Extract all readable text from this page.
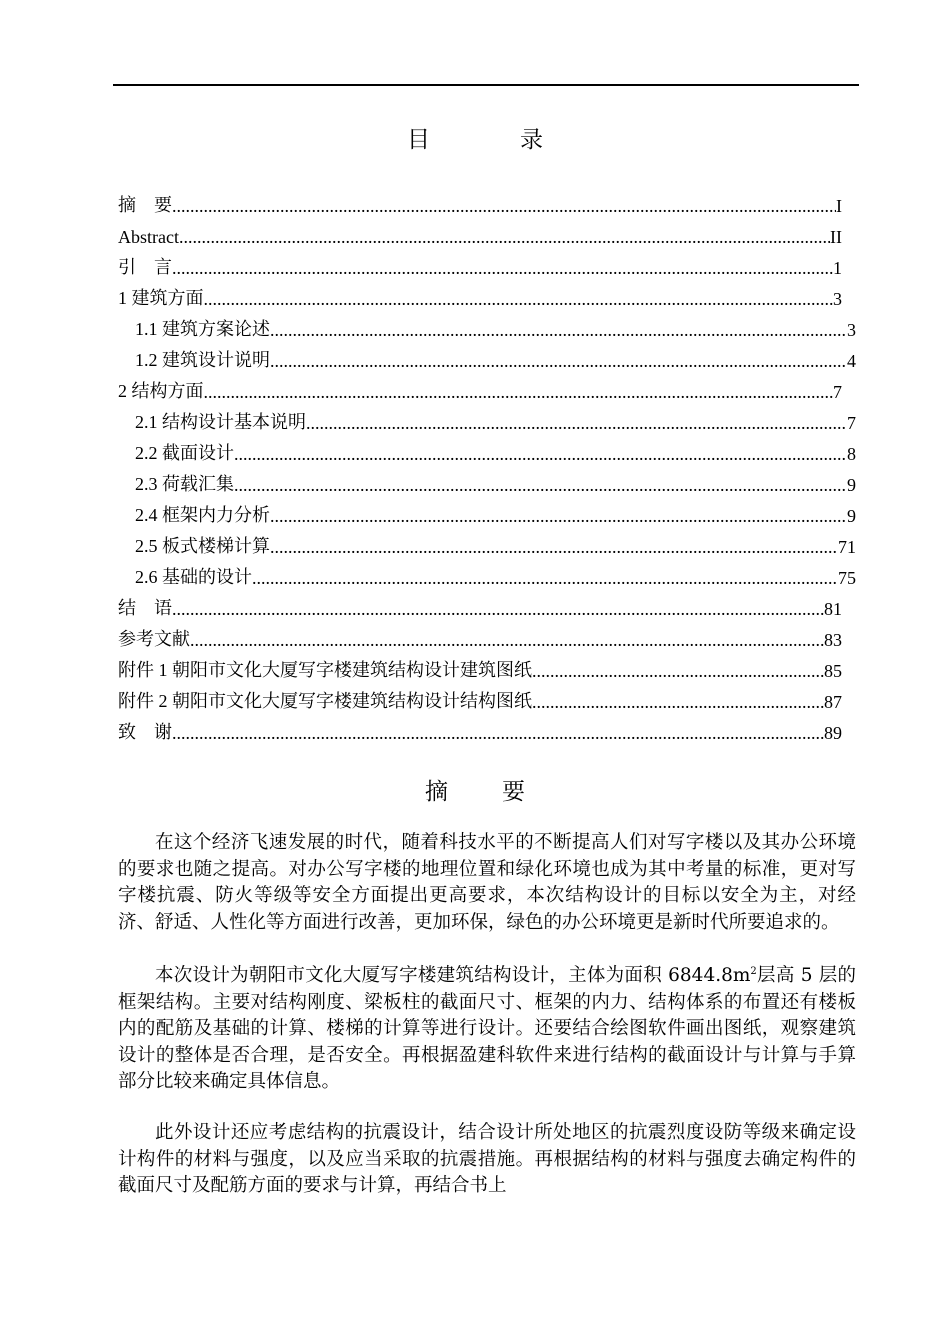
目	录
摘　要 .....	I
Abstract .....	II
引　言 .....	1
1 建筑方面 .....	3
1.1 建筑方案论述 .....	3
1.2 建筑设计说明 .....	4
2 结构方面 .....	7
2.1 结构设计基本说明 .....	7
2.2 截面设计 .....	8
2.3 荷载汇集 .....	9
2.4 框架内力分析 .....	9
2.5 板式楼梯计算 .....	71
2.6 基础的设计 .....	75
结　语 .....	81
参考文献 .....	83
附件 1 朝阳市文化大厦写字楼建筑结构设计建筑图纸 .....	85
附件 2 朝阳市文化大厦写字楼建筑结构设计结构图纸 .....	87
致　谢 .....	89
摘 要

在这个经济飞速发展的时代，随着科技水平的不断提高人们对写字楼以及其办公环境的要求也随之提高。对办公写字楼的地理位置和绿化环境也成为其中考量的标准，更对写字楼抗震、防火等级等安全方面提出更高要求，本次结构设计的目标以安全为主，对经济、舒适、人性化等方面进行改善，更加环保，绿色的办公环境更是新时代所要追求的。

本次设计为朝阳市文化大厦写字楼建筑结构设计，主体为面积 $6844.8m^2$层高 5 层的框架结构。主要对结构刚度、梁板柱的截面尺寸、框架的内力、结构体系的布置还有楼板内的配筋及基础的计算、楼梯的计算等进行设计。还要结合绘图软件画出图纸，观察建筑设计的整体是否合理，是否安全。再根据盈建科软件来进行结构的截面设计与计算与手算部分比较来确定具体信息。

此外设计还应考虑结构的抗震设计，结合设计所处地区的抗震烈度设防等级来确定设计构件的材料与强度，以及应当采取的抗震措施。再根据结构的材料与强度去确定构件的截面尺寸及配筋方面的要求与计算，再结合书上
